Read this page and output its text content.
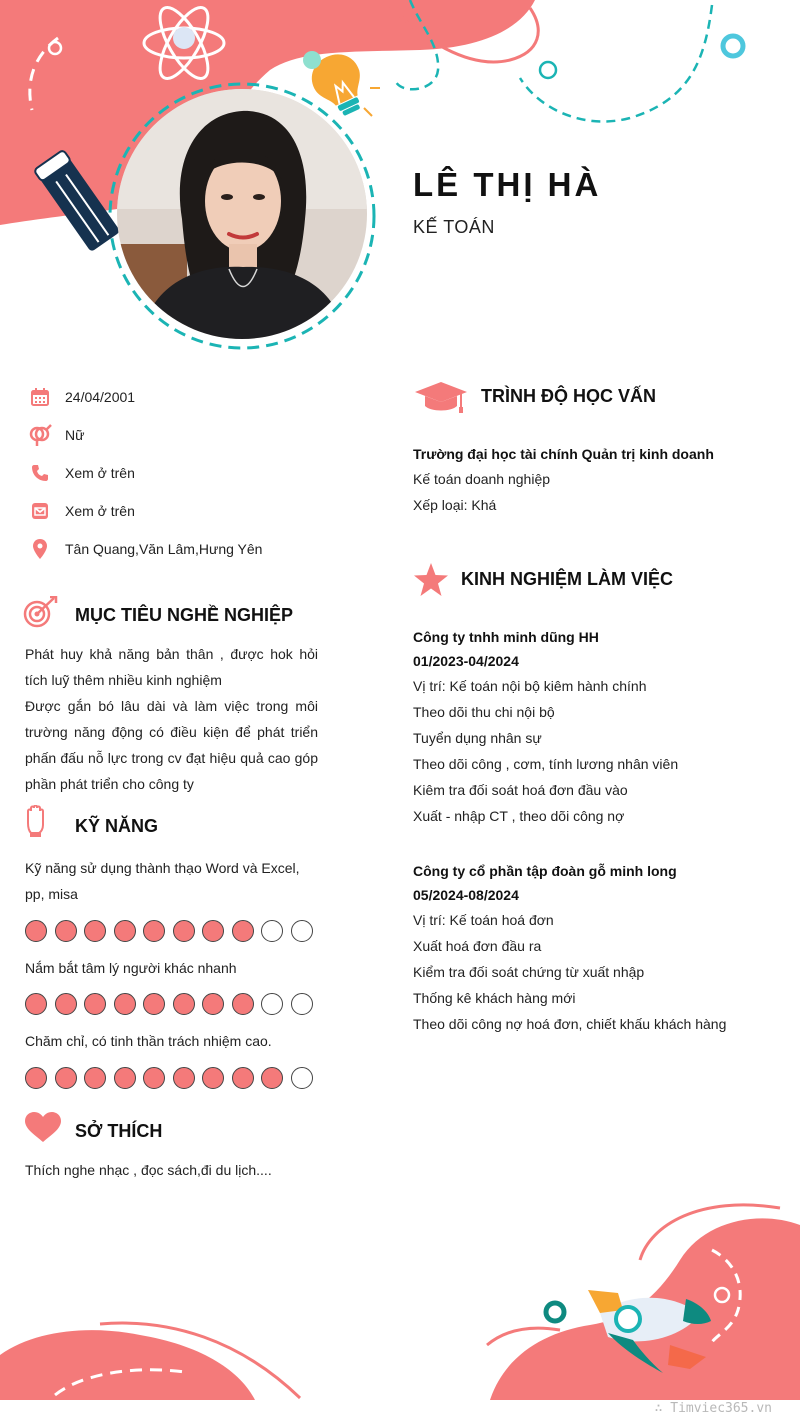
LÊ THỊ HÀ
KẾ TOÁN
24/04/2001
Nữ
Xem ở trên
Xem ở trên
Tân Quang,Văn Lâm,Hưng Yên
MỤC TIÊU NGHỀ NGHIỆP
Phát huy khả năng bản thân , được hok hỏi tích luỹ thêm nhiều kinh nghiệm
Được gắn bó lâu dài và làm việc trong môi trường năng động có điều kiện để phát triển phấn đấu nỗ lực trong cv đạt hiệu quả cao góp phần phát triển cho công ty
KỸ NĂNG
Kỹ năng sử dụng thành thạo Word và Excel, pp, misa
Nắm bắt tâm lý người khác nhanh
Chăm chỉ, có tinh thần trách nhiệm cao.
SỞ THÍCH
Thích nghe nhạc , đọc sách,đi du lịch....
TRÌNH ĐỘ HỌC VẤN
Trường đại học tài chính Quản trị kinh doanh
Kế toán doanh nghiệp
Xếp loại: Khá
KINH NGHIỆM LÀM VIỆC
Công ty tnhh minh dũng HH
01/2023-04/2024
Vị trí: Kế toán nội bộ kiêm hành chính
Theo dõi thu chi nội bộ
Tuyển dụng nhân sự
Theo dõi công , cơm, tính lương nhân viên
Kiêm tra đối soát hoá đơn đầu vào
Xuất - nhập CT , theo dõi công nợ
Công ty cổ phần tập đoàn gỗ minh long
05/2024-08/2024
Vị trí: Kế toán hoá đơn
Xuất hoá đơn đầu ra
Kiểm tra đối soát chứng từ xuất nhập
Thống kê khách hàng mới
Theo dõi công nợ hoá đơn, chiết khấu khách hàng
∴ Timviec365.vn
